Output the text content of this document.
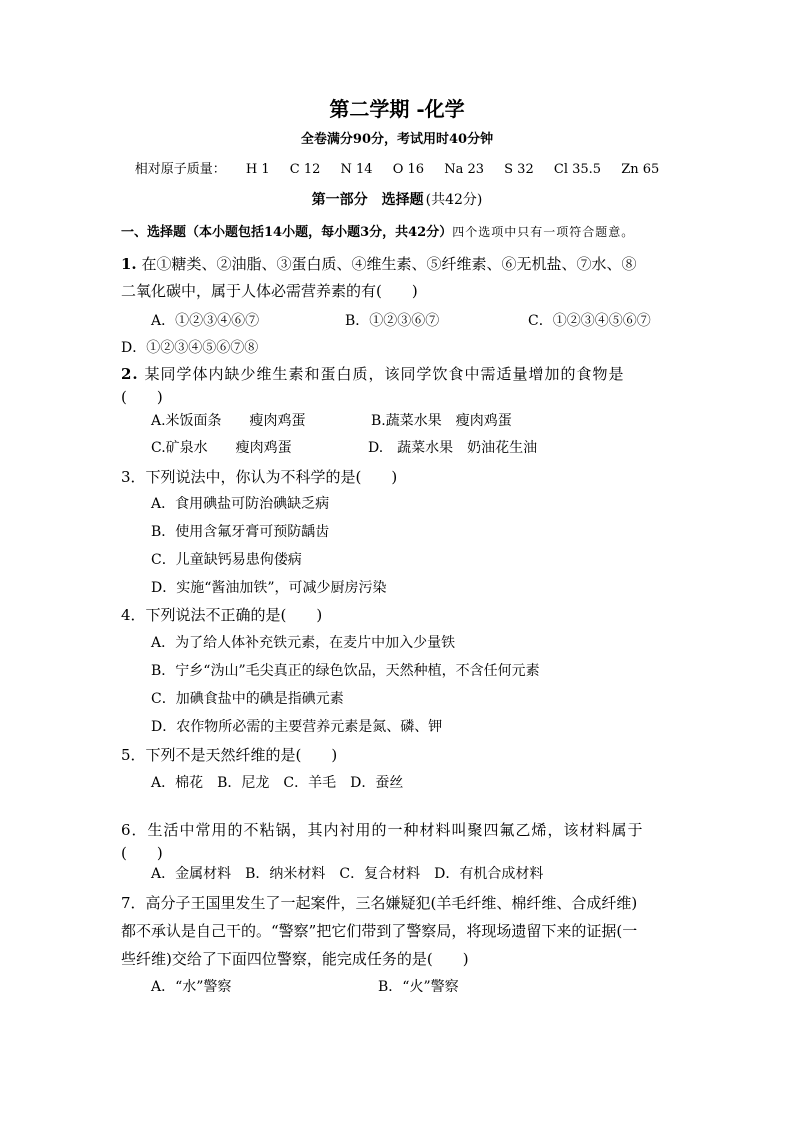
第二学期 -化学
全卷满分90分，考试用时40分钟
相对原子质量： H 1 C 12 N 14 O 16 Na 23 S 32 Cl 35.5 Zn 65
第一部分 选择题 (共42分)
一、选择题（本小题包括14小题，每小题3分，共42分）四个选项中只有一项符合题意。
1. 在①糖类、②油脂、③蛋白质、④维生素、⑤纤维素、⑥无机盐、⑦水、⑧
二氧化碳中，属于人体必需营养素的有(　　)
A．①②③④⑥⑦	B．①②③⑥⑦	C．①②③④⑤⑥⑦
D．①②③④⑤⑥⑦⑧
2. 某同学体内缺少维生素和蛋白质，该同学饮食中需适量增加的食物是
(　　)
A.米饭面条　　瘦肉鸡蛋	B.蔬菜水果　瘦肉鸡蛋
C.矿泉水　　瘦肉鸡蛋	D.　蔬菜水果　奶油花生油
3．下列说法中，你认为不科学的是(　　)
A．食用碘盐可防治碘缺乏病
B．使用含氟牙膏可预防龋齿
C．儿童缺钙易患佝偻病
D．实施“酱油加铁”，可减少厨房污染
4．下列说法不正确的是(　　)
A．为了给人体补充铁元素，在麦片中加入少量铁
B．宁乡“沩山”毛尖真正的绿色饮品，天然种植，不含任何元素
C．加碘食盐中的碘是指碘元素
D．农作物所必需的主要营养元素是氮、磷、钾
5．下列不是天然纤维的是(　　)
A．棉花　B．尼龙　C．羊毛　D．蚕丝
6．生活中常用的不粘锅，其内衬用的一种材料叫聚四氟乙烯，该材料属于
(　　)
A．金属材料　B．纳米材料　C．复合材料　D．有机合成材料
7．高分子王国里发生了一起案件，三名嫌疑犯(羊毛纤维、棉纤维、合成纤维)
都不承认是自己干的。“警察”把它们带到了警察局，将现场遗留下来的证据(一
些纤维)交给了下面四位警察，能完成任务的是(　　)
A．“水”警察	B．“火”警察
